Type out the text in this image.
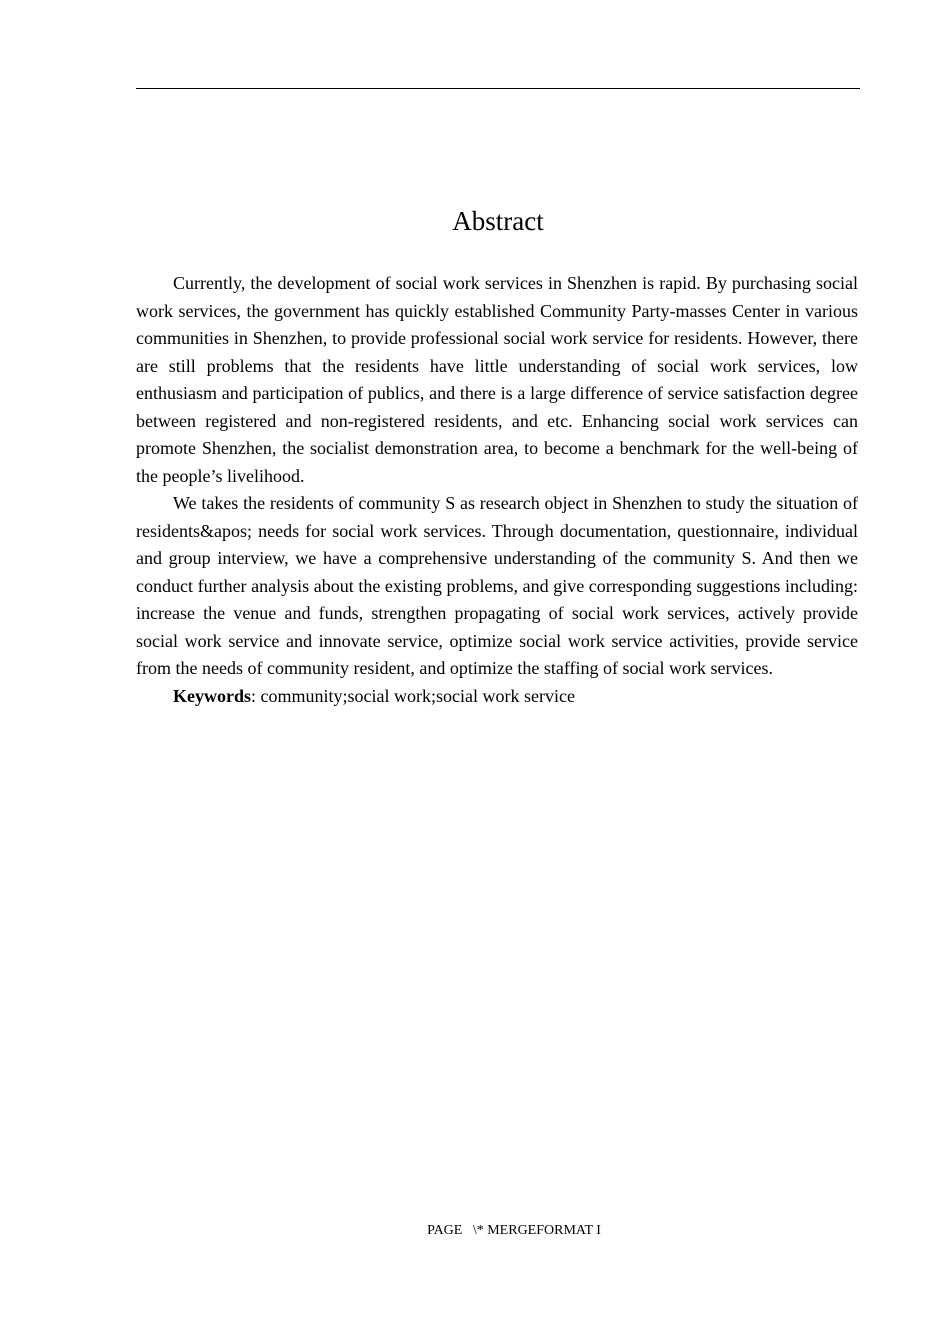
Abstract

Currently, the development of social work services in Shenzhen is rapid. By purchasing social work services, the government has quickly established Community Party-masses Center in various communities in Shenzhen, to provide professional social work service for residents. However, there are still problems that the residents have little understanding of social work services, low enthusiasm and participation of publics, and there is a large difference of service satisfaction degree between registered and non-registered residents, and etc. Enhancing social work services can promote Shenzhen, the socialist demonstration area, to become a benchmark for the well-being of the people’s livelihood.

We takes the residents of community S as research object in Shenzhen to study the situation of residents&apos; needs for social work services. Through documentation, questionnaire, individual and group interview, we have a comprehensive understanding of the community S. And then we conduct further analysis about the existing problems, and give corresponding suggestions including: increase the venue and funds, strengthen propagating of social work services, actively provide social work service and innovate service, optimize social work service activities, provide service from the needs of community resident, and optimize the staffing of social work services.

Keywords: community;social work;social work service

PAGE   \* MERGEFORMAT I
